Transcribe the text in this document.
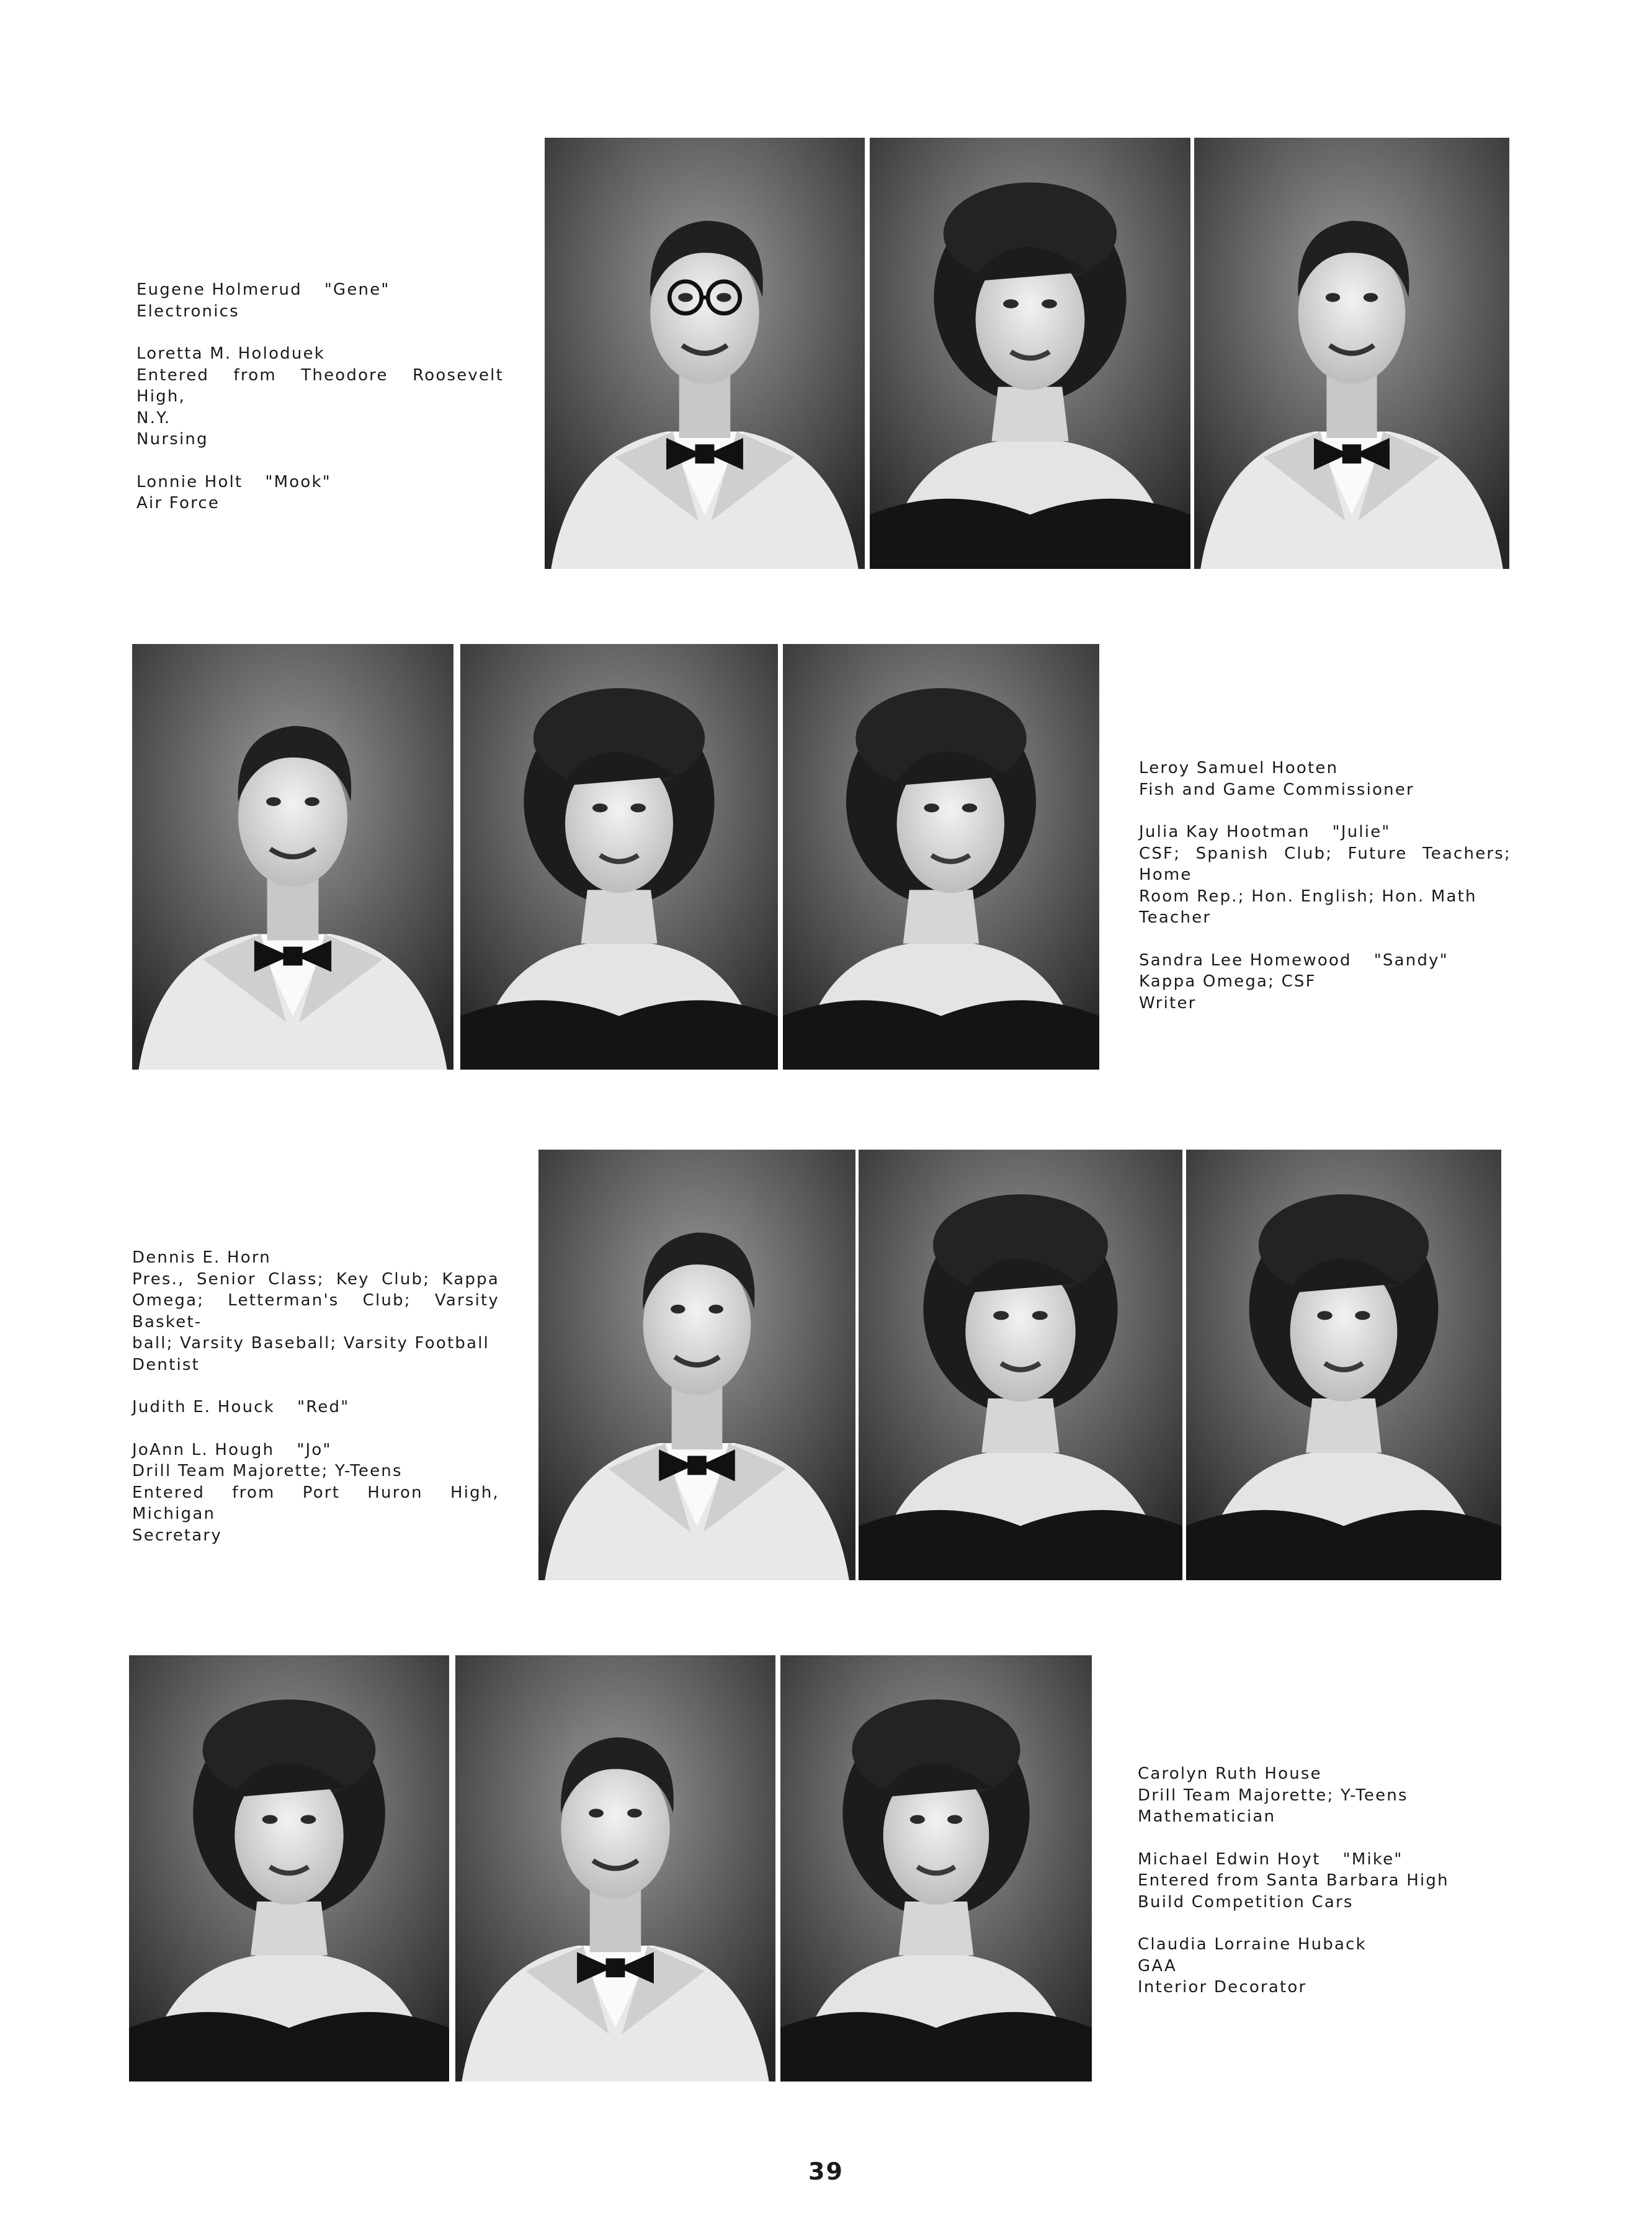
Eugene Holmerud "Gene"
Electronics
Loretta M. Holoduek
Entered from Theodore Roosevelt High,
N.Y.
Nursing
Lonnie Holt "Mook"
Air Force
Leroy Samuel Hooten
Fish and Game Commissioner
Julia Kay Hootman "Julie"
CSF; Spanish Club; Future Teachers; Home
Room Rep.; Hon. English; Hon. Math
Teacher
Sandra Lee Homewood "Sandy"
Kappa Omega; CSF
Writer
Dennis E. Horn
Pres., Senior Class; Key Club; Kappa
Omega; Letterman's Club; Varsity Basket-
ball; Varsity Baseball; Varsity Football
Dentist
Judith E. Houck "Red"
JoAnn L. Hough "Jo"
Drill Team Majorette; Y-Teens
Entered from Port Huron High, Michigan
Secretary
Carolyn Ruth House
Drill Team Majorette; Y-Teens
Mathematician
Michael Edwin Hoyt "Mike"
Entered from Santa Barbara High
Build Competition Cars
Claudia Lorraine Huback
GAA
Interior Decorator
39
